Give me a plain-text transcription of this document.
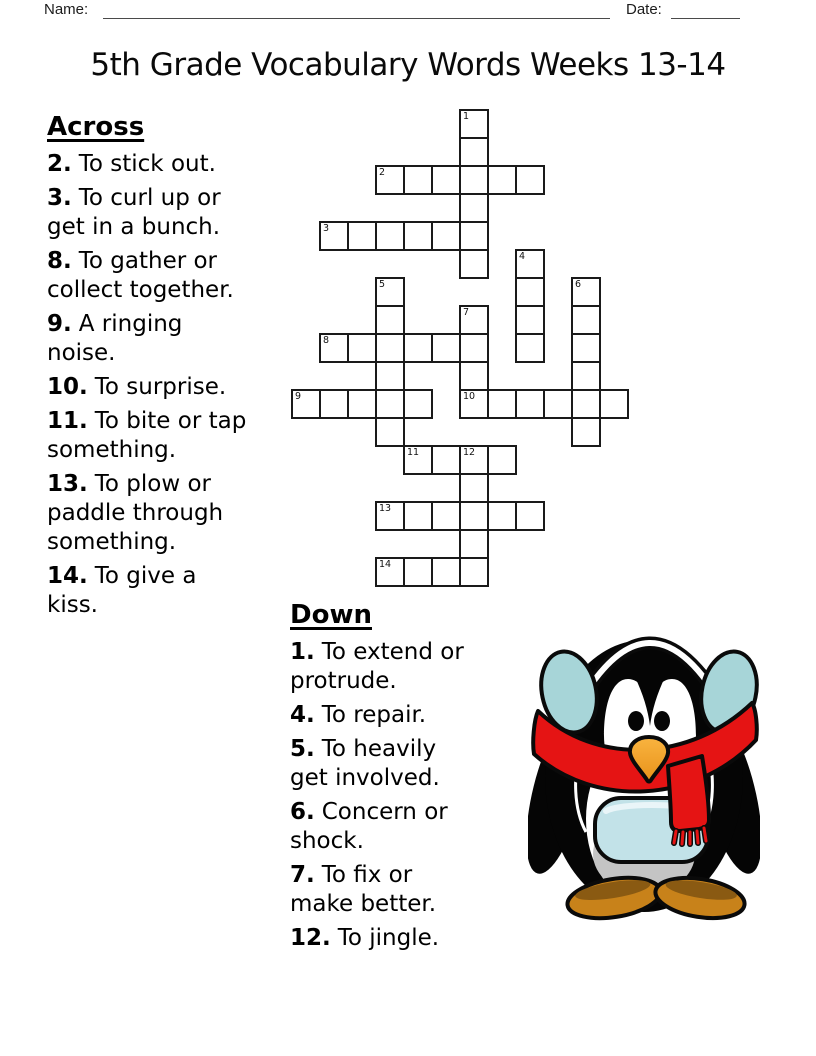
Name:	Date:
5th Grade Vocabulary Words Weeks 13-14
Across
2. To stick out.
3. To curl up or get in a bunch.
8. To gather or collect together.
9. A ringing noise.
10. To surprise.
11. To bite or tap something.
13. To plow or paddle through something.
14. To give a kiss.
1
2
3
4
5	6
7
8
9	10
11	12
13
14
Down
1. To extend or protrude.
4. To repair.
5. To heavily get involved.
6. Concern or shock.
7. To fix or make better.
12. To jingle.
